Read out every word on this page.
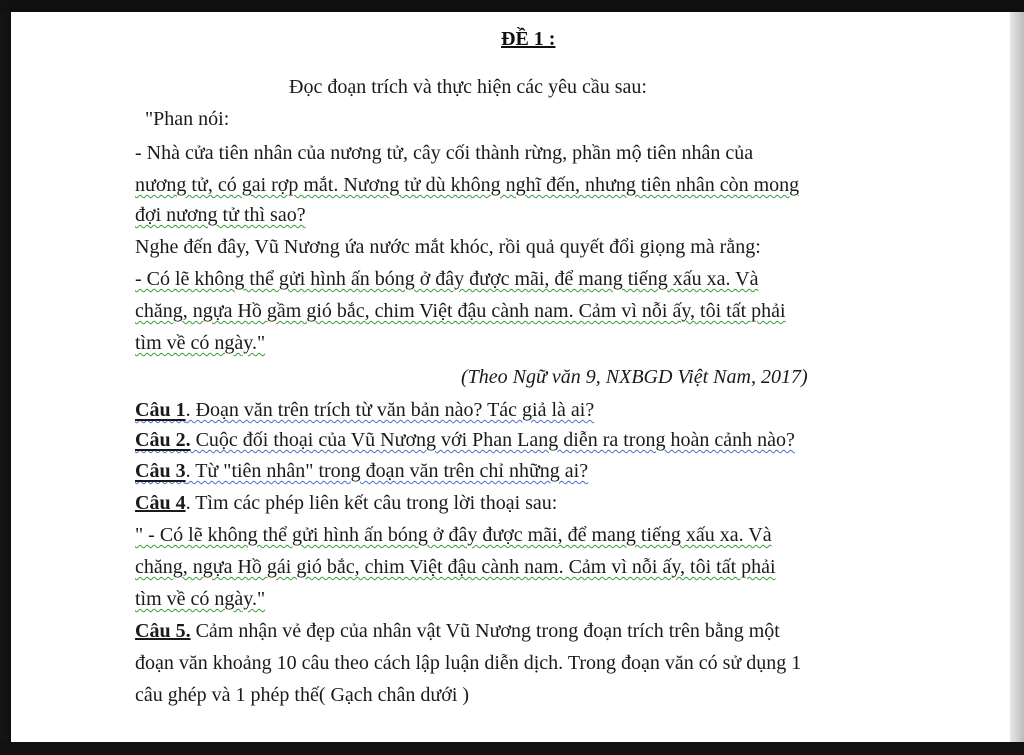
ĐỀ 1 :
Đọc đoạn trích và thực hiện các yêu cầu sau:
"Phan nói:
- Nhà cửa tiên nhân của nương tử, cây cối thành rừng, phần mộ tiên nhân của
nương tử, có gai rợp mắt. Nương tử dù không nghĩ đến, nhưng tiên nhân còn mong
đợi nương tử thì sao?
Nghe đến đây, Vũ Nương ứa nước mắt khóc, rồi quả quyết đổi giọng mà rằng:
- Có lẽ không thể gửi hình ấn bóng ở đây được mãi, để mang tiếng xấu xa. Và
chăng, ngựa Hồ gầm gió bắc, chim Việt đậu cành nam. Cảm vì nỗi ấy, tôi tất phải
tìm về có ngày."
(Theo Ngữ văn 9, NXBGD Việt Nam, 2017)
Câu 1. Đoạn văn trên trích từ văn bản nào? Tác giả là ai?
Câu 2. Cuộc đối thoại của Vũ Nương với Phan Lang diễn ra trong hoàn cảnh nào?
Câu 3. Từ "tiên nhân" trong đoạn văn trên chỉ những ai?
Câu 4. Tìm các phép liên kết câu trong lời thoại sau:
" - Có lẽ không thể gửi hình ấn bóng ở đây được mãi, để mang tiếng xấu xa. Và
chăng, ngựa Hồ gái gió bắc, chim Việt đậu cành nam. Cảm vì nỗi ấy, tôi tất phải
tìm về có ngày."
Câu 5. Cảm nhận vẻ đẹp của nhân vật Vũ Nương trong đoạn trích trên bằng một
đoạn văn khoảng 10 câu theo cách lập luận diễn dịch. Trong đoạn văn có sử dụng 1
câu ghép và 1 phép thế( Gạch chân dưới )
